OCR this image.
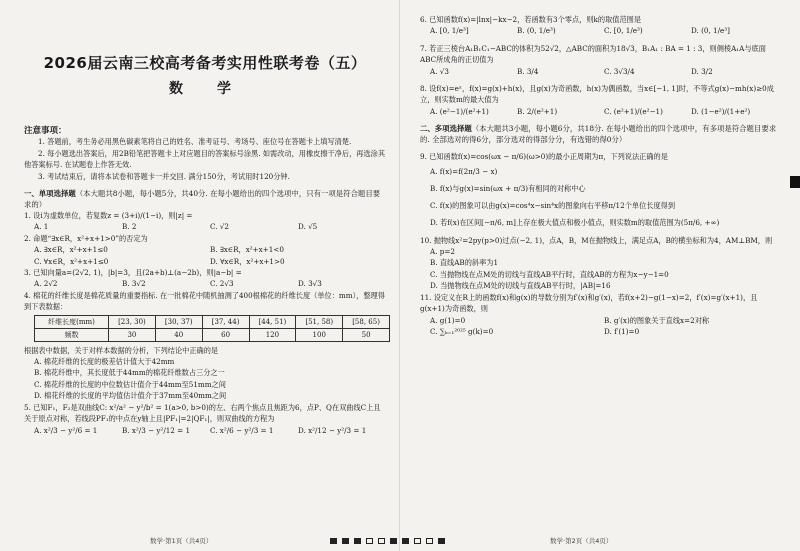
2026届云南三校高考备考实用性联考卷（五）
数　学
注意事项：
1. 答题前，考生务必用黑色碳素笔将自己的姓名、准考证号、考场号、座位号在答题卡上填写清楚.
2. 每小题选出答案后，用2B铅笔把答题卡上对应题目的答案标号涂黑. 如需改动，用橡皮擦干净后，再选涂其他答案标号. 在试题卷上作答无效.
3. 考试结束后，请将本试卷和答题卡一并交回. 满分150分，考试用时120分钟.
一、单项选择题（本大题共8小题，每小题5分，共40分. 在每小题给出的四个选项中，只有一项是符合题目要求的）
1. 设i为虚数单位，若复数z = (3+i)/(1−i)，则|z| =
A. 1	B. 2	C. √2	D. √5
2. 命题“∃x∈R，x²+x+1>0”的否定为
A. ∃x∈R，x²+x+1≤0	B. ∃x∈R，x²+x+1<0
C. ∀x∈R，x²+x+1≤0	D. ∀x∈R，x²+x+1>0
3. 已知向量a=(2√2, 1)，|b|=3，且(2a+b)⊥(a−2b)，则|a−b| =
A. 2√2	B. 3√2	C. 2√3	D. 3√3
4. 棉花的纤维长度是棉花质量的重要指标. 在一批棉花中随机抽测了400根棉花的纤维长度（单位：mm），整理得到下表数据：
纤维长度(mm)	[23, 30)	[30, 37)	[37, 44)	[44, 51)	[51, 58)	[58, 65)
频数	30	40	60	120	100	50
根据表中数据，关于对样本数据的分析，下列结论中正确的是
A. 棉花纤维的长度的极差估计值大于42mm
B. 棉花纤维中，其长度低于44mm的棉花纤维数占三分之一
C. 棉花纤维的长度的中位数估计值介于44mm至51mm之间
D. 棉花纤维的长度的平均值估计值介于37mm至40mm之间
5. 已知F₁，F₂是双曲线C: x²/a² − y²/b² = 1(a>0, b>0)的左、右两个焦点且焦距为6，点P、Q在双曲线C上且关于原点对称，若线段PF₁的中点在y轴上且|PF₁|=2|QF₁|，则双曲线的方程为
A. x²/3 − y²/6 = 1	B. x²/3 − y²/12 = 1	C. x²/6 − y²/3 = 1	D. x²/12 − y²/3 = 1
数学·第1页（共4页）
6. 已知函数f(x)=|lnx|−kx−2，若函数有3个零点，则k的取值范围是
A. [0, 1/e³]	B. (0, 1/e³)	C. [0, 1/e³)	D. (0, 1/e³]
7. 若正三棱台A₁B₁C₁−ABC的体积为52√2，△ABC的面积为18√3，B₁A₁ : BA = 1 : 3，则侧棱A₁A与底面ABC所成角的正切值为
A. √3	B. 3/4	C. 3√3/4	D. 3/2
8. 设f(x)=eˣ，f(x)=g(x)+h(x)，且g(x)为奇函数，h(x)为偶函数，当x∈[−1, 1]时，不等式g(x)−mh(x)≥0成立，则实数m的最大值为
A. (e²−1)/(e²+1)	B. 2/(e²+1)	C. (e²+1)/(e²−1)	D. (1−e²)/(1+e²)
二、多项选择题（本大题共3小题，每小题6分，共18分. 在每小题给出的四个选项中，有多项是符合题目要求的. 全部选对的得6分，部分选对的得部分分，有选错的得0分）
9. 已知函数f(x)=cos(ωx − π/6)(ω>0)的最小正周期为π，下列说法正确的是
A. f(x)=f(2π/3 − x)
B. f(x)与g(x)=sin(ωx + π/3)有相同的对称中心
C. f(x)的图象可以由g(x)=cos⁴x−sin⁴x的图象向右平移π/12个单位长度得到
D. 若f(x)在区间[−π/6, m]上存在极大值点和极小值点，则实数m的取值范围为(5π/6, +∞)
10. 抛物线x²=2py(p>0)过点(−2, 1)，点A，B，M在抛物线上，满足点A，B的横坐标和为4，AM⊥BM，则
A. p=2
B. 直线AB的斜率为1
C. 当抛物线在点M处的切线与直线AB平行时，直线AB的方程为x−y−1=0
D. 当抛物线在点M处的切线与直线AB平行时，|AB|=16
11. 设定义在R上的函数f(x)和g(x)的导数分别为f′(x)和g′(x)，若f(x+2)−g(1−x)=2，f′(x)=g′(x+1)，且g(x+1)为奇函数，则
A. g(1)=0	B. g′(x)的图象关于直线x=2对称
C. ∑ₖ₌₁²⁰²⁵ g(k)=0	D. f′(1)=0
数学·第2页（共4页）
